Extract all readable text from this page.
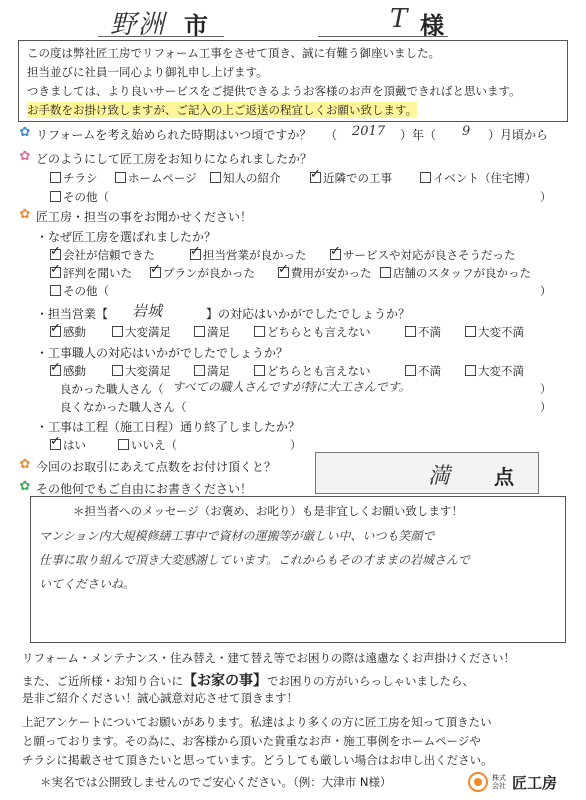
野洲 市	T 様
この度は弊社匠工房でリフォーム工事をさせて頂き、誠に有難う御座いました。
担当並びに社員一同心より御礼申し上げます。
つきましては、より良いサービスをご提供できるようお客様のお声を頂戴できればと思います。
お手数をお掛け致しますが、ご記入の上ご返送の程宜しくお願い致します。
✿ リフォームを考え始められた時期はいつ頃ですか？ （ 2017 ）年（ 9 ）月頃から
✿ どのようにして匠工房をお知りになられましたか？
チラシ	ホームページ	知人の紹介 ✓	近隣での工事	イベント（住宅博）
その他（	）
✿ 匠工房・担当の事をお聞かせください！
・なぜ匠工房を選ばれましたか？
✓会社が信頼できた ✓	担当営業が良かった ✓	サービスや対応が良さそうだった
✓評判を聞いた ✓	プランが良かった ✓	費用が安かった	店舗のスタッフが良かった
その他（	）
・担当営業【 岩城	】の対応はいかがでしたでしょうか？
✓感動	大変満足	満足	どちらとも言えない	不満	大変不満
・工事職人の対応はいかがでしたでしょうか？
✓感動	大変満足	満足	どちらとも言えない	不満	大変不満
良かった職人さん（ すべての職人さんですが特に大工さんです。	）
良くなかった職人さん（	）
・工事は工程（施工日程）通り終了しましたか？
✓はい	いいえ（	）
✿ 今回のお取引にあえて点数をお付け頂くと？	満 点
✿ その他何でもご自由にお書きください！
＊担当者へのメッセージ（お褒め、お叱り）も是非宜しくお願い致します！
マンション内大規模修繕工事中で資材の運搬等が厳しい中、いつも笑顔で
仕事に取り組んで頂き大変感謝しています。これからもその才ままの岩城さんで
いてくださいね。
リフォーム・メンテナンス・住み替え・建て替え等でお困りの際は遠慮なくお声掛けください！
また、ご近所様・お知り合いに【お家の事】でお困りの方がいらっしゃいましたら、
是非ご紹介ください！誠心誠意対応させて頂きます！
上記アンケートについてお願いがあります。私達はより多くの方に匠工房を知って頂きたい
と願っております。その為に、お客様から頂いた貴重なお声・施工事例をホームページや
チラシに掲載させて頂きたいと思っています。どうしても厳しい場合はお申し出ください。
＊実名では公開致しませんのでご安心ください。（例：大津市 N様）	株式会社 匠工房
